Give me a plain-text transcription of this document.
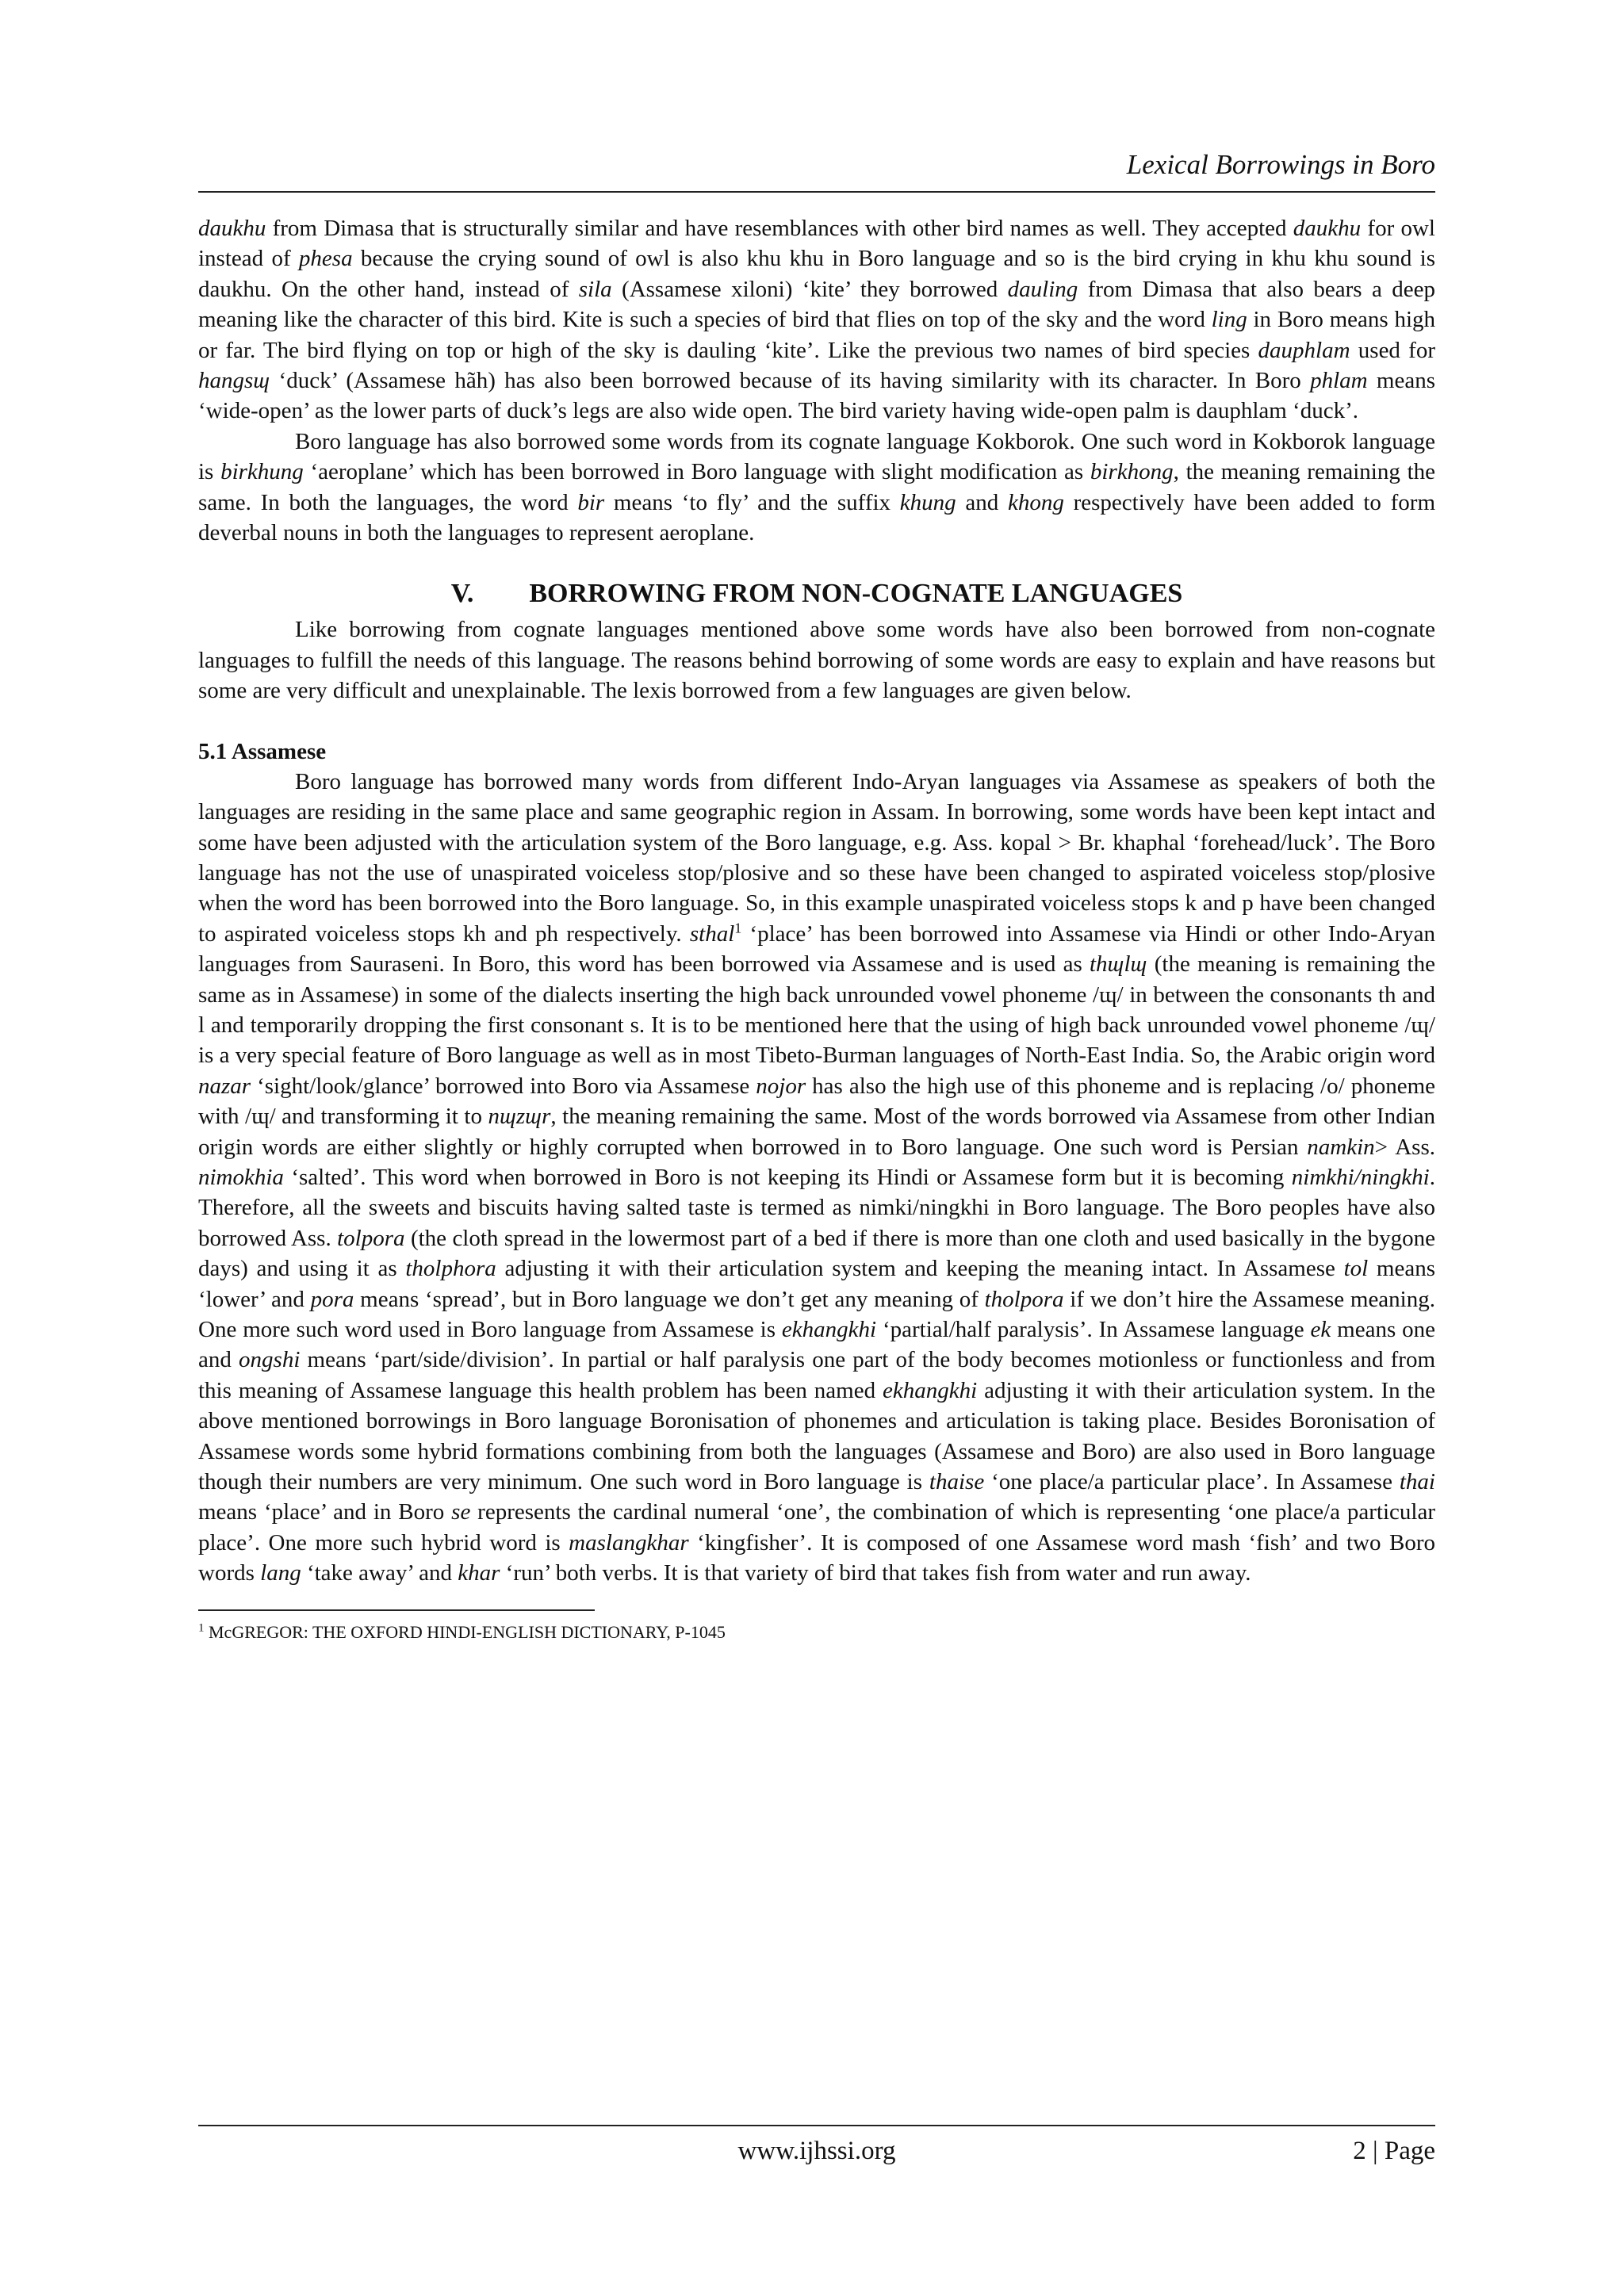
Lexical Borrowings in Boro

daukhu from Dimasa that is structurally similar and have resemblances with other bird names as well. They accepted daukhu for owl instead of phesa because the crying sound of owl is also khu khu in Boro language and so is the bird crying in khu khu sound is daukhu. On the other hand, instead of sila (Assamese xiloni) ‘kite’ they borrowed dauling from Dimasa that also bears a deep meaning like the character of this bird. Kite is such a species of bird that flies on top of the sky and the word ling in Boro means high or far. The bird flying on top or high of the sky is dauling ‘kite’. Like the previous two names of bird species dauphlam used for hangsɰ ‘duck’ (Assamese hãh) has also been borrowed because of its having similarity with its character. In Boro phlam means ‘wide-open’ as the lower parts of duck’s legs are also wide open. The bird variety having wide-open palm is dauphlam ‘duck’.

Boro language has also borrowed some words from its cognate language Kokborok. One such word in Kokborok language is birkhung ‘aeroplane’ which has been borrowed in Boro language with slight modification as birkhong, the meaning remaining the same. In both the languages, the word bir means ‘to fly’ and the suffix khung and khong respectively have been added to form deverbal nouns in both the languages to represent aeroplane.

V. BORROWING FROM NON-COGNATE LANGUAGES

Like borrowing from cognate languages mentioned above some words have also been borrowed from non-cognate languages to fulfill the needs of this language. The reasons behind borrowing of some words are easy to explain and have reasons but some are very difficult and unexplainable. The lexis borrowed from a few languages are given below.

5.1 Assamese

Boro language has borrowed many words from different Indo-Aryan languages via Assamese as speakers of both the languages are residing in the same place and same geographic region in Assam. In borrowing, some words have been kept intact and some have been adjusted with the articulation system of the Boro language, e.g. Ass. kopal > Br. khaphal ‘forehead/luck’. The Boro language has not the use of unaspirated voiceless stop/plosive and so these have been changed to aspirated voiceless stop/plosive when the word has been borrowed into the Boro language. So, in this example unaspirated voiceless stops k and p have been changed to aspirated voiceless stops kh and ph respectively. sthal$^1$ ‘place’ has been borrowed into Assamese via Hindi or other Indo-Aryan languages from Sauraseni. In Boro, this word has been borrowed via Assamese and is used as thɰlɰ (the meaning is remaining the same as in Assamese) in some of the dialects inserting the high back unrounded vowel phoneme /ɰ/ in between the consonants th and l and temporarily dropping the first consonant s. It is to be mentioned here that the using of high back unrounded vowel phoneme /ɰ/ is a very special feature of Boro language as well as in most Tibeto-Burman languages of North-East India. So, the Arabic origin word nazar ‘sight/look/glance’ borrowed into Boro via Assamese nojor has also the high use of this phoneme and is replacing /o/ phoneme with /ɰ/ and transforming it to nɰzɰr, the meaning remaining the same. Most of the words borrowed via Assamese from other Indian origin words are either slightly or highly corrupted when borrowed in to Boro language. One such word is Persian namkin> Ass. nimokhia ‘salted’. This word when borrowed in Boro is not keeping its Hindi or Assamese form but it is becoming nimkhi/ningkhi. Therefore, all the sweets and biscuits having salted taste is termed as nimki/ningkhi in Boro language. The Boro peoples have also borrowed Ass. tolpora (the cloth spread in the lowermost part of a bed if there is more than one cloth and used basically in the bygone days) and using it as tholphora adjusting it with their articulation system and keeping the meaning intact. In Assamese tol means ‘lower’ and pora means ‘spread’, but in Boro language we don’t get any meaning of tholpora if we don’t hire the Assamese meaning. One more such word used in Boro language from Assamese is ekhangkhi ‘partial/half paralysis’. In Assamese language ek means one and ongshi means ‘part/side/division’. In partial or half paralysis one part of the body becomes motionless or functionless and from this meaning of Assamese language this health problem has been named ekhangkhi adjusting it with their articulation system. In the above mentioned borrowings in Boro language Boronisation of phonemes and articulation is taking place. Besides Boronisation of Assamese words some hybrid formations combining from both the languages (Assamese and Boro) are also used in Boro language though their numbers are very minimum. One such word in Boro language is thaise ‘one place/a particular place’. In Assamese thai means ‘place’ and in Boro se represents the cardinal numeral ‘one’, the combination of which is representing ‘one place/a particular place’. One more such hybrid word is maslangkhar ‘kingfisher’. It is composed of one Assamese word mash ‘fish’ and two Boro words lang ‘take away’ and khar ‘run’ both verbs. It is that variety of bird that takes fish from water and run away.

$^1$ McGREGOR: THE OXFORD HINDI-ENGLISH DICTIONARY, P-1045
www.ijhssi.org	2 | Page
